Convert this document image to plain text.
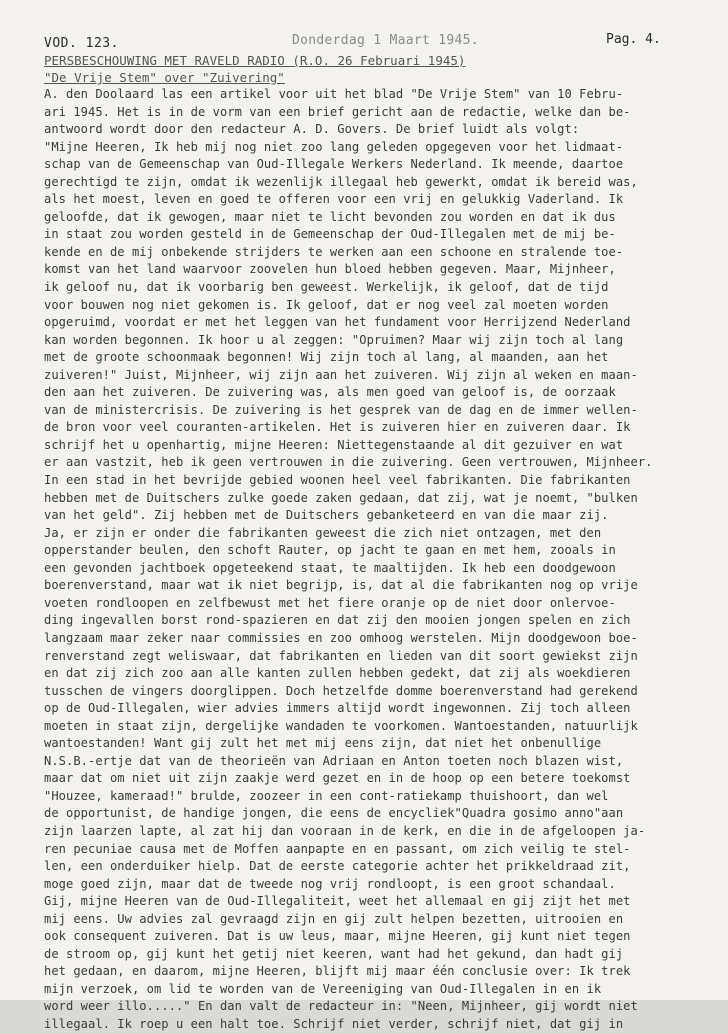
VOD. 123.	Donderdag 1 Maart 1945.	Pag. 4.
PERSBESCHOUWING MET RAVELD RADIO (R.O. 26 Februari 1945)
"De Vrije Stem" over "Zuivering"
A. den Doolaard las een artikel voor uit het blad "De Vrije Stem" van 10 Febru-
ari 1945. Het is in de vorm van een brief gericht aan de redactie, welke dan be-
antwoord wordt door den redacteur A. D. Govers. De brief luidt als volgt:
"Mijne Heeren, Ik heb mij nog niet zoo lang geleden opgegeven voor het lidmaat-
schap van de Gemeenschap van Oud-Illegale Werkers Nederland. Ik meende, daartoe
gerechtigd te zijn, omdat ik wezenlijk illegaal heb gewerkt, omdat ik bereid was,
als het moest, leven en goed te offeren voor een vrij en gelukkig Vaderland. Ik
geloofde, dat ik gewogen, maar niet te licht bevonden zou worden en dat ik dus
in staat zou worden gesteld in de Gemeenschap der Oud-Illegalen met de mij be-
kende en de mij onbekende strijders te werken aan een schoone en stralende toe-
komst van het land waarvoor zoovelen hun bloed hebben gegeven. Maar, Mijnheer,
ik geloof nu, dat ik voorbarig ben geweest. Werkelijk, ik geloof, dat de tijd
voor bouwen nog niet gekomen is. Ik geloof, dat er nog veel zal moeten worden
opgeruimd, voordat er met het leggen van het fundament voor Herrijzend Nederland
kan worden begonnen. Ik hoor u al zeggen: "Opruimen? Maar wij zijn toch al lang
met de groote schoonmaak begonnen! Wij zijn toch al lang, al maanden, aan het
zuiveren!" Juist, Mijnheer, wij zijn aan het zuiveren. Wij zijn al weken en maan-
den aan het zuiveren. De zuivering was, als men goed van geloof is, de oorzaak
van de ministercrisis. De zuivering is het gesprek van de dag en de immer wellen-
de bron voor veel couranten-artikelen. Het is zuiveren hier en zuiveren daar. Ik
schrijf het u openhartig, mijne Heeren: Niettegenstaande al dit gezuiver en wat
er aan vastzit, heb ik geen vertrouwen in die zuivering. Geen vertrouwen, Mijnheer.
In een stad in het bevrijde gebied woonen heel veel fabrikanten. Die fabrikanten
hebben met de Duitschers zulke goede zaken gedaan, dat zij, wat je noemt, "bulken
van het geld". Zij hebben met de Duitschers gebanketeerd en van die maar zij.
Ja, er zijn er onder die fabrikanten geweest die zich niet ontzagen, met den
opperstander beulen, den schoft Rauter, op jacht te gaan en met hem, zooals in
een gevonden jachtboek opgeteekend staat, te maaltijden. Ik heb een doodgewoon
boerenverstand, maar wat ik niet begrijp, is, dat al die fabrikanten nog op vrije
voeten rondloopen en zelfbewust met het fiere oranje op de niet door onlervoe-
ding ingevallen borst rond-spazieren en dat zij den mooien jongen spelen en zich
langzaam maar zeker naar commissies en zoo omhoog werstelen. Mijn doodgewoon boe-
renverstand zegt weliswaar, dat fabrikanten en lieden van dit soort gewiekst zijn
en dat zij zich zoo aan alle kanten zullen hebben gedekt, dat zij als woekdieren
tusschen de vingers doorglippen. Doch hetzelfde domme boerenverstand had gerekend
op de Oud-Illegalen, wier advies immers altijd wordt ingewonnen. Zij toch alleen
moeten in staat zijn, dergelijke wandaden te voorkomen. Wantoestanden, natuurlijk
wantoestanden! Want gij zult het met mij eens zijn, dat niet het onbenullige
N.S.B.-ertje dat van de theorieën van Adriaan en Anton toeten noch blazen wist,
maar dat om niet uit zijn zaakje werd gezet en in de hoop op een betere toekomst
"Houzee, kameraad!" brulde, zoozeer in een cont-ratiekamp thuishoort, dan wel
de opportunist, de handige jongen, die eens de encycliek"Quadra gosimo anno"aan
zijn laarzen lapte, al zat hij dan vooraan in de kerk, en die in de afgeloopen ja-
ren pecuniae causa met de Moffen aanpapte en en passant, om zich veilig te stel-
len, een onderduiker hielp. Dat de eerste categorie achter het prikkeldraad zit,
moge goed zijn, maar dat de tweede nog vrij rondloopt, is een groot schandaal.
Gij, mijne Heeren van de Oud-Illegaliteit, weet het allemaal en gij zijt het met
mij eens. Uw advies zal gevraagd zijn en gij zult helpen bezetten, uitrooien en
ook consequent zuiveren. Dat is uw leus, maar, mijne Heeren, gij kunt niet tegen
de stroom op, gij kunt het getij niet keeren, want had het gekund, dan hadt gij
het gedaan, en daarom, mijne Heeren, blijft mij maar één conclusie over: Ik trek
mijn verzoek, om lid te worden van de Vereeniging van Oud-Illegalen in en ik
word weer illo....." En dan valt de redacteur in: "Neen, Mijnheer, gij wordt niet
illegaal. Ik roep u een halt toe. Schrijf niet verder, schrijf niet, dat gij in
